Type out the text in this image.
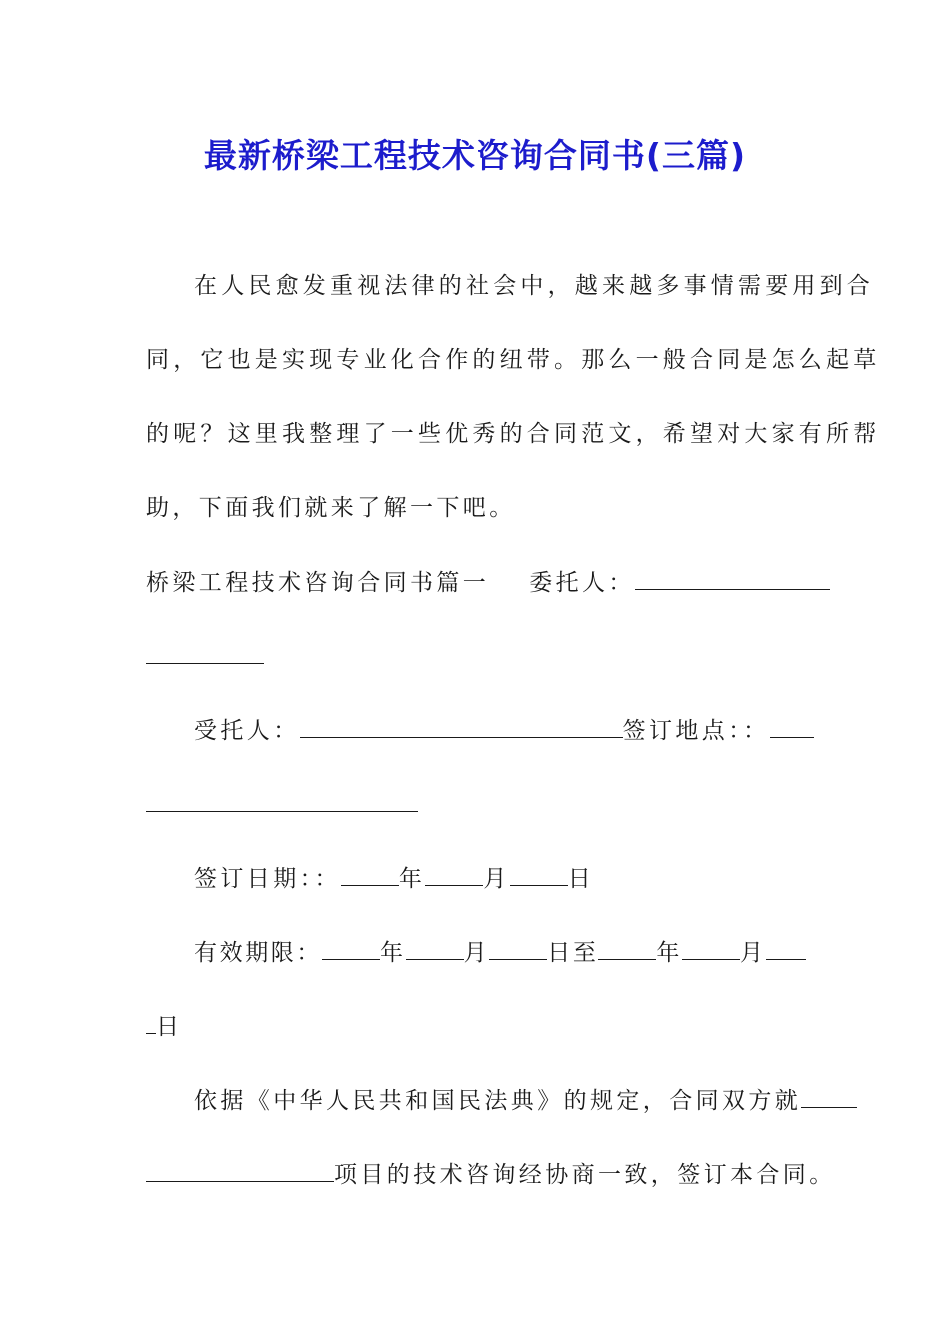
最新桥梁工程技术咨询合同书(三篇)
在人民愈发重视法律的社会中，越来越多事情需要用到合
同，它也是实现专业化合作的纽带。那么一般合同是怎么起草
的呢？这里我整理了一些优秀的合同范文，希望对大家有所帮
助，下面我们就来了解一下吧。
桥梁工程技术咨询合同书篇一 委托人：
受托人：	签订地点：：
签订日期：：	年	月	日
有效期限：	年	月	日至	年	月
日
依据《中华人民共和国民法典》的规定，合同双方就
项目的技术咨询经协商一致，签订本合同。
